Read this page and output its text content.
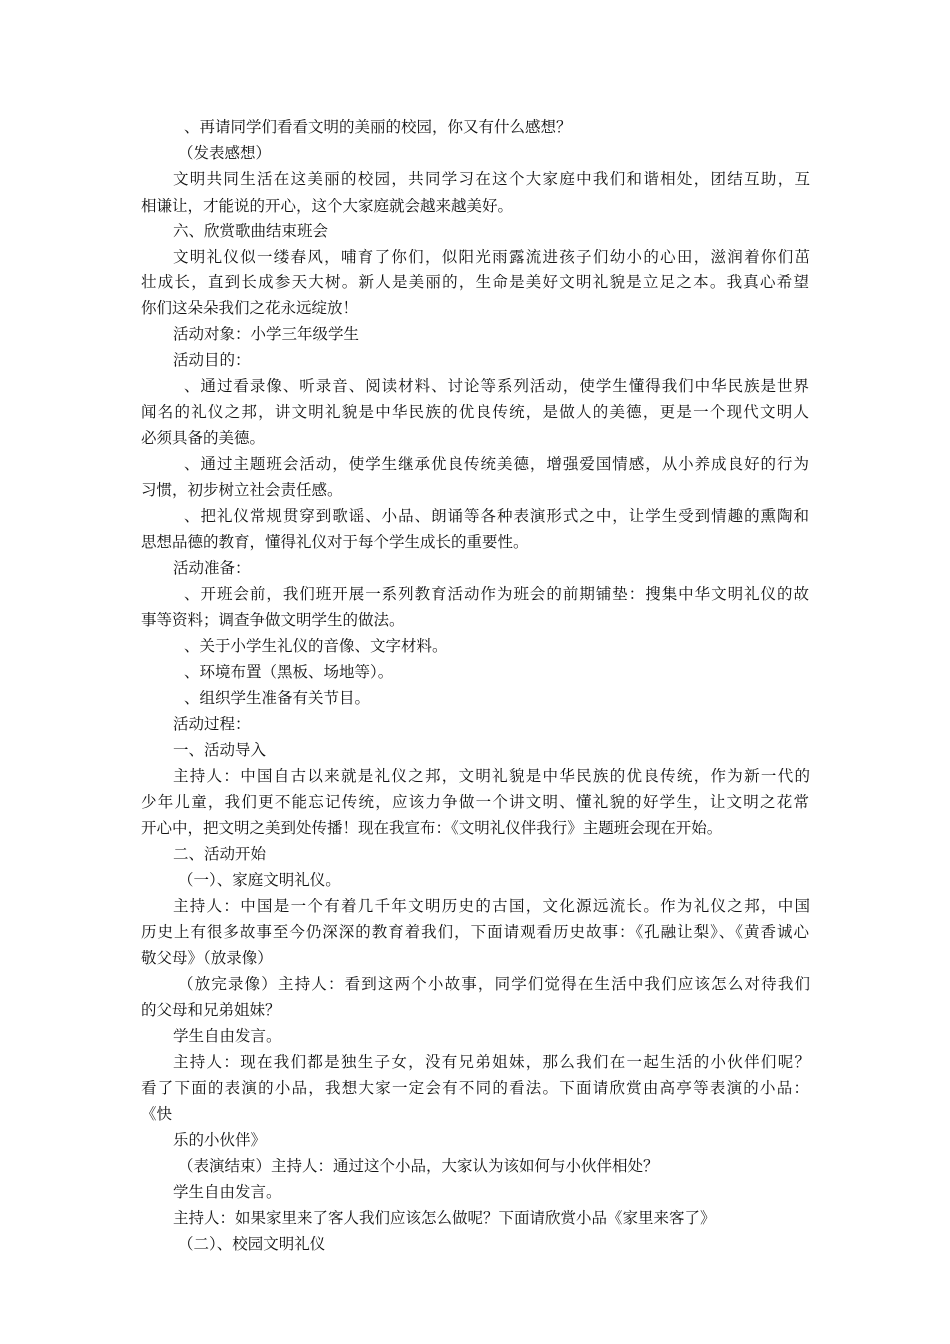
、再请同学们看看文明的美丽的校园，你又有什么感想？
（发表感想）
文明共同生活在这美丽的校园，共同学习在这个大家庭中我们和谐相处，团结互助，互
相谦让，才能说的开心，这个大家庭就会越来越美好。
六、欣赏歌曲结束班会
文明礼仪似一缕春风，哺育了你们，似阳光雨露流进孩子们幼小的心田，滋润着你们茁
壮成长，直到长成参天大树。新人是美丽的，生命是美好文明礼貌是立足之本。我真心希望
你们这朵朵我们之花永远绽放！
活动对象：小学三年级学生
活动目的：
、通过看录像、听录音、阅读材料、讨论等系列活动，使学生懂得我们中华民族是世界
闻名的礼仪之邦，讲文明礼貌是中华民族的优良传统，是做人的美德，更是一个现代文明人
必须具备的美德。
、通过主题班会活动，使学生继承优良传统美德，增强爱国情感，从小养成良好的行为
习惯，初步树立社会责任感。
、把礼仪常规贯穿到歌谣、小品、朗诵等各种表演形式之中，让学生受到情趣的熏陶和
思想品德的教育，懂得礼仪对于每个学生成长的重要性。
活动准备：
、开班会前，我们班开展一系列教育活动作为班会的前期铺垫：搜集中华文明礼仪的故
事等资料；调查争做文明学生的做法。
、关于小学生礼仪的音像、文字材料。
、环境布置（黑板、场地等）。
、组织学生准备有关节目。
活动过程：
一、活动导入
主持人：中国自古以来就是礼仪之邦，文明礼貌是中华民族的优良传统，作为新一代的
少年儿童，我们更不能忘记传统，应该力争做一个讲文明、懂礼貌的好学生，让文明之花常
开心中，把文明之美到处传播！现在我宣布：《文明礼仪伴我行》主题班会现在开始。
二、活动开始
（一）、家庭文明礼仪。
主持人：中国是一个有着几千年文明历史的古国，文化源远流长。作为礼仪之邦，中国
历史上有很多故事至今仍深深的教育着我们，下面请观看历史故事：《孔融让梨》、《黄香诚心
敬父母》（放录像）
（放完录像）主持人：看到这两个小故事，同学们觉得在生活中我们应该怎么对待我们
的父母和兄弟姐妹？
学生自由发言。
主持人：现在我们都是独生子女，没有兄弟姐妹，那么我们在一起生活的小伙伴们呢？
看了下面的表演的小品，我想大家一定会有不同的看法。下面请欣赏由高亭等表演的小品：
《快
乐的小伙伴》
（表演结束）主持人：通过这个小品，大家认为该如何与小伙伴相处？
学生自由发言。
主持人：如果家里来了客人我们应该怎么做呢？下面请欣赏小品《家里来客了》
（二）、校园文明礼仪
